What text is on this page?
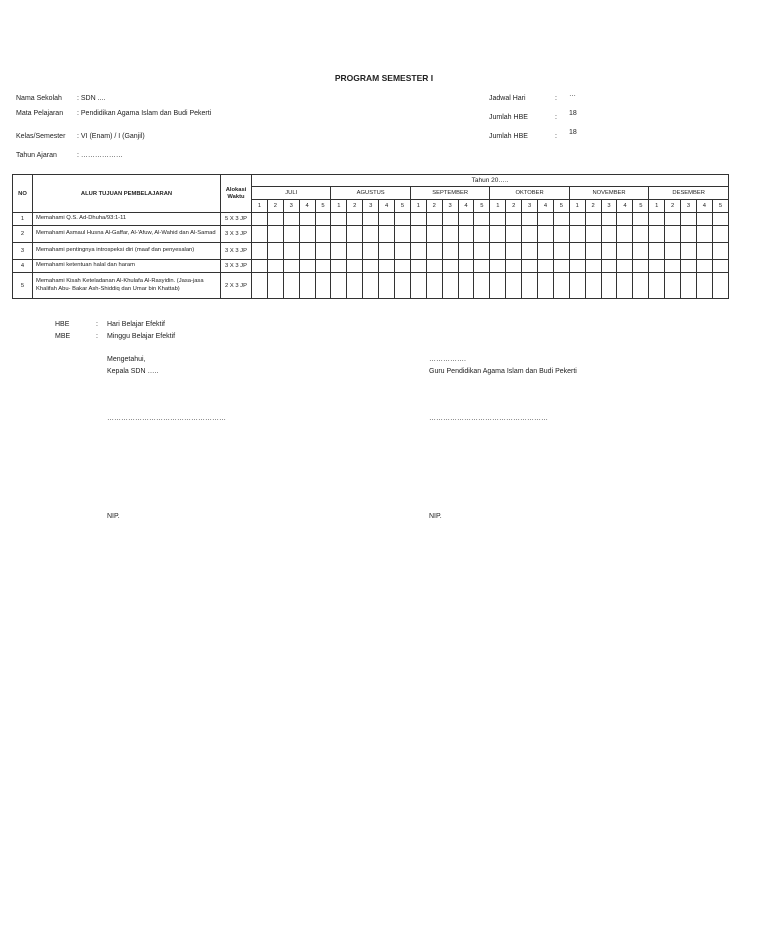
PROGRAM SEMESTER I
Nama Sekolah : SDN ....
Mata Pelajaran : Pendidikan Agama Islam dan Budi Pekerti
Kelas/Semester : VI (Enam) / I (Ganjil)
Tahun Ajaran	: ………………
Jadwal Hari	:
…
Jumlah HBE	:
18
Jumlah HBE	:
18
NO	ALUR TUJUAN PEMBELAJARAN	Alokasi Waktu	Tahun 20…..																													
			JULI					AGUSTUS					SEPTEMBER					OKTOBER					NOVEMBER					DESEMBER				
			1	2	3	4	5	1	2	3	4	5	1	2	3	4	5	1	2	3	4	5	1	2	3	4	5	1	2	3	4	5
1	Memahami Q.S. Ad-Dhuha/93:1-11	5 X 3 JP																														
2	Memahami Asmaul Husna Al-Gaffar, Al-'Afuw, Al-Wahid dan Al-Samad	3 X 3 JP																														
3	Memahami pentingnya introspeksi diri (maaf dan penyesalan)	3 X 3 JP																														
4	Memahami ketentuan halal dan haram	3 X 3 JP																														
5	Memahami Kisah Keteladanan Al-Khulafa Al-Rasyidin. (Jasa-jasa Khalifah Abu- Bakar Ash-Shiddiq dan Umar bin Khattab)	2 X 3 JP																														
HBE	: Hari Belajar Efektif
MBE	: Minggu Belajar Efektif
Mengetahui,
Kepala SDN …..
……………………………………………
NIP.
…………….
Guru Pendidikan Agama Islam dan Budi Pekerti
……………………………………………
NIP.
